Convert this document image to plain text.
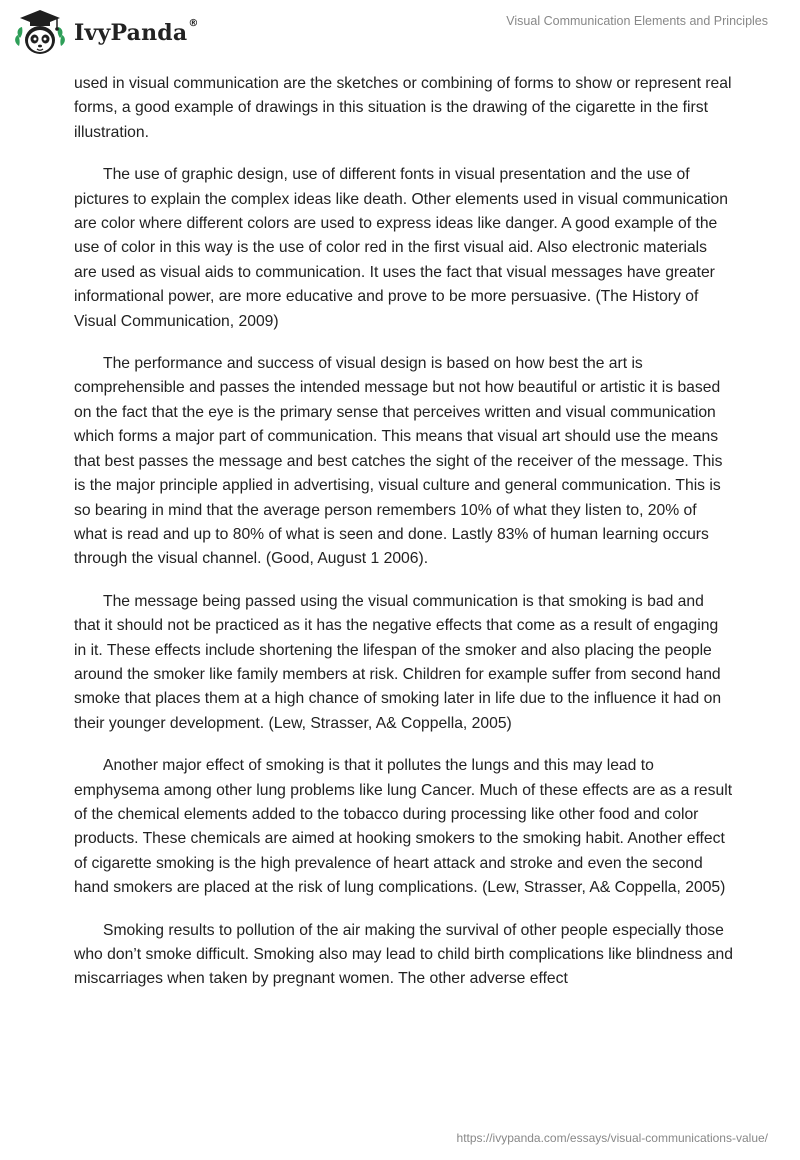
IvyPanda®	Visual Communication Elements and Principles

used in visual communication are the sketches or combining of forms to show or represent real forms, a good example of drawings in this situation is the drawing of the cigarette in the first illustration.

The use of graphic design, use of different fonts in visual presentation and the use of pictures to explain the complex ideas like death. Other elements used in visual communication are color where different colors are used to express ideas like danger. A good example of the use of color in this way is the use of color red in the first visual aid. Also electronic materials are used as visual aids to communication. It uses the fact that visual messages have greater informational power, are more educative and prove to be more persuasive. (The History of Visual Communication, 2009)

The performance and success of visual design is based on how best the art is comprehensible and passes the intended message but not how beautiful or artistic it is based on the fact that the eye is the primary sense that perceives written and visual communication which forms a major part of communication. This means that visual art should use the means that best passes the message and best catches the sight of the receiver of the message. This is the major principle applied in advertising, visual culture and general communication. This is so bearing in mind that the average person remembers 10% of what they listen to, 20% of what is read and up to 80% of what is seen and done. Lastly 83% of human learning occurs through the visual channel. (Good, August 1 2006).

The message being passed using the visual communication is that smoking is bad and that it should not be practiced as it has the negative effects that come as a result of engaging in it. These effects include shortening the lifespan of the smoker and also placing the people around the smoker like family members at risk. Children for example suffer from second hand smoke that places them at a high chance of smoking later in life due to the influence it had on their younger development. (Lew, Strasser, A& Coppella, 2005)

Another major effect of smoking is that it pollutes the lungs and this may lead to emphysema among other lung problems like lung Cancer. Much of these effects are as a result of the chemical elements added to the tobacco during processing like other food and color products. These chemicals are aimed at hooking smokers to the smoking habit. Another effect of cigarette smoking is the high prevalence of heart attack and stroke and even the second hand smokers are placed at the risk of lung complications. (Lew, Strasser, A& Coppella, 2005)

Smoking results to pollution of the air making the survival of other people especially those who don’t smoke difficult. Smoking also may lead to child birth complications like blindness and miscarriages when taken by pregnant women. The other adverse effect

https://ivypanda.com/essays/visual-communications-value/
